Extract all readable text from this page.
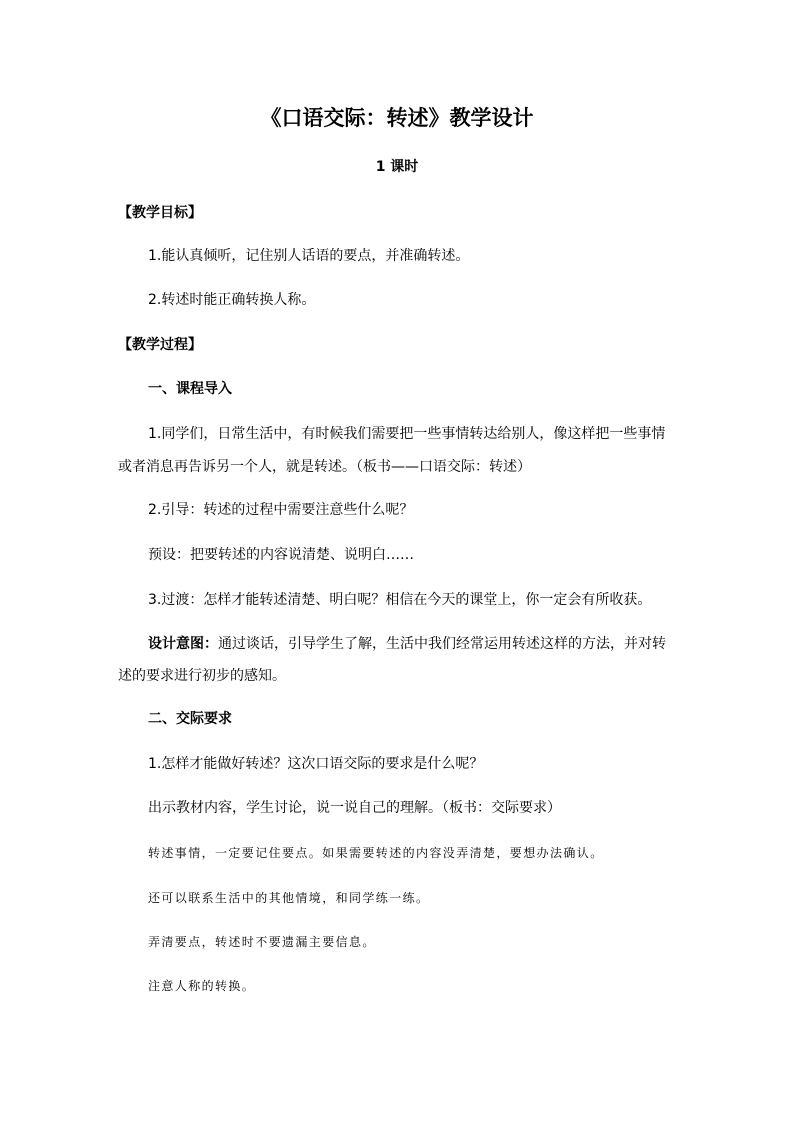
《口语交际：转述》教学设计
1 课时
【教学目标】
1.能认真倾听，记住别人话语的要点，并准确转述。
2.转述时能正确转换人称。
【教学过程】
一、课程导入
1.同学们，日常生活中，有时候我们需要把一些事情转达给别人，像这样把一些事情
或者消息再告诉另一个人，就是转述。（板书——口语交际：转述）
2.引导：转述的过程中需要注意些什么呢？
预设：把要转述的内容说清楚、说明白……
3.过渡：怎样才能转述清楚、明白呢？相信在今天的课堂上，你一定会有所收获。
设计意图：通过谈话，引导学生了解，生活中我们经常运用转述这样的方法，并对转
述的要求进行初步的感知。
二、交际要求
1.怎样才能做好转述？这次口语交际的要求是什么呢？
出示教材内容，学生讨论，说一说自己的理解。（板书：交际要求）
转述事情，一定要记住要点。如果需要转述的内容没弄清楚，要想办法确认。
还可以联系生活中的其他情境，和同学练一练。
弄清要点，转述时不要遗漏主要信息。
注意人称的转换。
